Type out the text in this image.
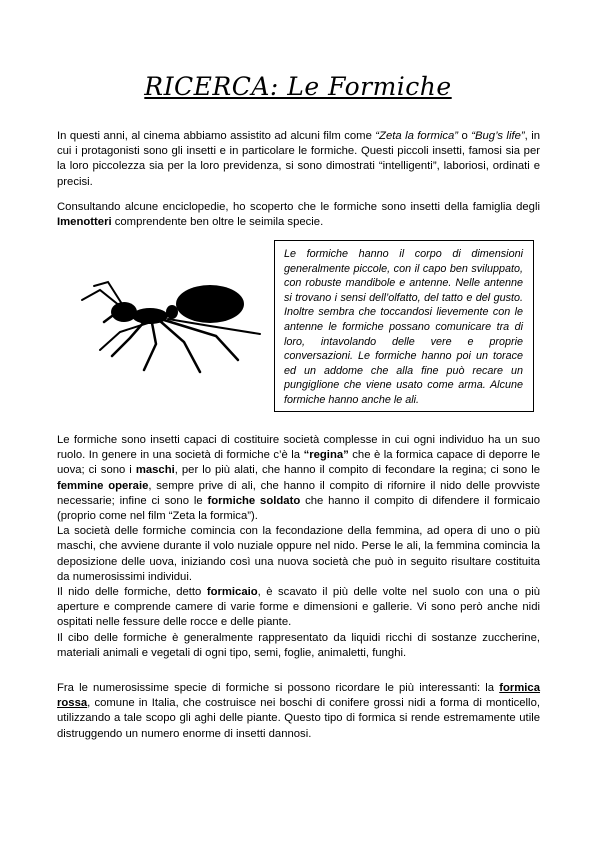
RICERCA: Le Formiche

In questi anni, al cinema abbiamo assistito ad alcuni film come “Zeta la formica” o “Bug’s life”, in cui i protagonisti sono gli insetti e in particolare le formiche. Questi piccoli insetti, famosi sia per la loro piccolezza sia per la loro previdenza, si sono dimostrati “intelligenti”, laboriosi, ordinati e precisi.

Consultando alcune enciclopedie, ho scoperto che le formiche sono insetti della famiglia degli Imenotteri comprendente ben oltre le seimila specie.

Le formiche hanno il corpo di dimensioni generalmente piccole, con il capo ben sviluppato, con robuste mandibole e antenne. Nelle antenne si trovano i sensi dell’olfatto, del tatto e del gusto. Inoltre sembra che toccandosi lievemente con le antenne le formiche possano comunicare tra di loro, intavolando delle vere e proprie conversazioni. Le formiche hanno poi un torace ed un addome che alla fine può recare un pungiglione che viene usato come arma. Alcune formiche hanno anche le ali.

Le formiche sono insetti capaci di costituire società complesse in cui ogni individuo ha un suo ruolo. In genere in una società di formiche c’è la “regina” che è la formica capace di deporre le uova; ci sono i maschi, per lo più alati, che hanno il compito di fecondare la regina; ci sono le femmine operaie, sempre prive di ali, che hanno il compito di rifornire il nido delle provviste necessarie; infine ci sono le formiche soldato che hanno il compito di difendere il formicaio (proprio come nel film “Zeta la formica”).
La società delle formiche comincia con la fecondazione della femmina, ad opera di uno o più maschi, che avviene durante il volo nuziale oppure nel nido. Perse le ali, la femmina comincia la deposizione delle uova, iniziando così una nuova società che può in seguito risultare costituita da numerosissimi individui.

Il nido delle formiche, detto formicaio, è scavato il più delle volte nel suolo con una o più aperture e comprende camere di varie forme e dimensioni e gallerie. Vi sono però anche nidi ospitati nelle fessure delle rocce e delle piante.

Il cibo delle formiche è generalmente rappresentato da liquidi ricchi di sostanze zuccherine, materiali animali e vegetali di ogni tipo, semi, foglie, animaletti, funghi.

Fra le numerosissime specie di formiche si possono ricordare le più interessanti: la formica rossa, comune in Italia, che costruisce nei boschi di conifere grossi nidi a forma di monticello, utilizzando a tale scopo gli aghi delle piante. Questo tipo di formica si rende estremamente utile distruggendo un numero enorme di insetti dannosi.
